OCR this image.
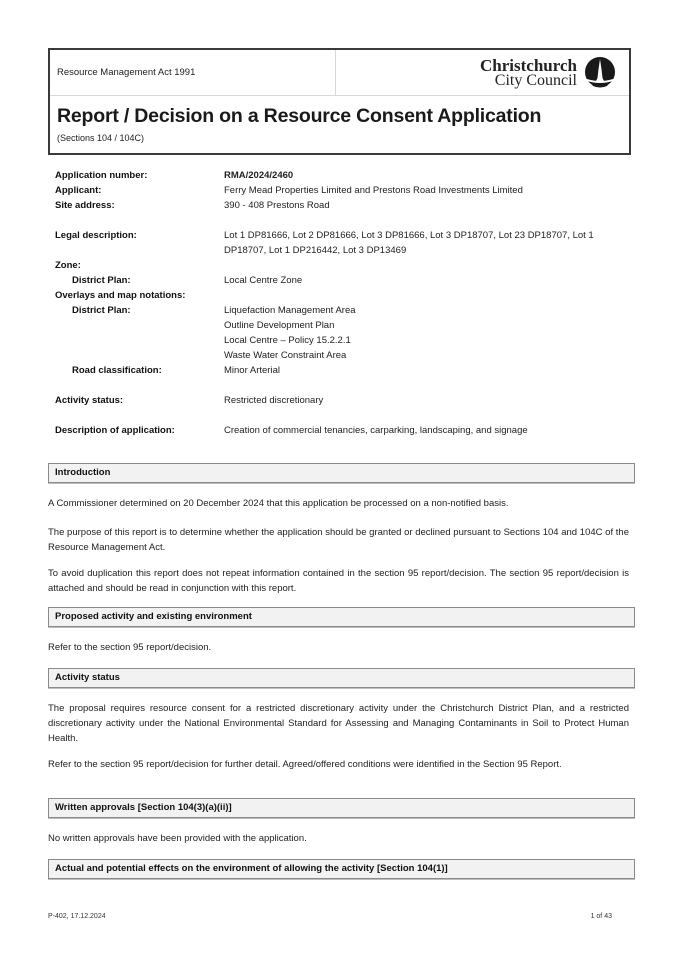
Resource Management Act 1991	Christchurch
City Council
Report / Decision on a Resource Consent Application
(Sections 104 / 104C)
Application number:	RMA/2024/2460
Applicant:	Ferry Mead Properties Limited and Prestons Road Investments Limited
Site address:	390 - 408 Prestons Road
Legal description:	Lot 1 DP81666, Lot 2 DP81666, Lot 3 DP81666, Lot 3 DP18707, Lot 23 DP18707, Lot 1 DP18707, Lot 1 DP216442, Lot 3 DP13469
Zone:

District Plan:	Local Centre Zone
Overlays and map notations:

District Plan:	Liquefaction Management Area
Outline Development Plan
Local Centre – Policy 15.2.2.1
Waste Water Constraint Area
Road classification:	Minor Arterial
Activity status:	Restricted discretionary
Description of application:	Creation of commercial tenancies, carparking, landscaping, and signage
Introduction

A Commissioner determined on 20 December 2024 that this application be processed on a non-notified basis.

The purpose of this report is to determine whether the application should be granted or declined pursuant to Sections 104 and 104C of the Resource Management Act.

To avoid duplication this report does not repeat information contained in the section 95 report/decision. The section 95 report/decision is attached and should be read in conjunction with this report.

Proposed activity and existing environment

Refer to the section 95 report/decision.

Activity status

The proposal requires resource consent for a restricted discretionary activity under the Christchurch District Plan, and a restricted discretionary activity under the National Environmental Standard for Assessing and Managing Contaminants in Soil to Protect Human Health.

Refer to the section 95 report/decision for further detail. Agreed/offered conditions were identified in the Section 95 Report.

Written approvals [Section 104(3)(a)(ii)]

No written approvals have been provided with the application.

Actual and potential effects on the environment of allowing the activity [Section 104(1)]
P-402, 17.12.2024	1 of 43
